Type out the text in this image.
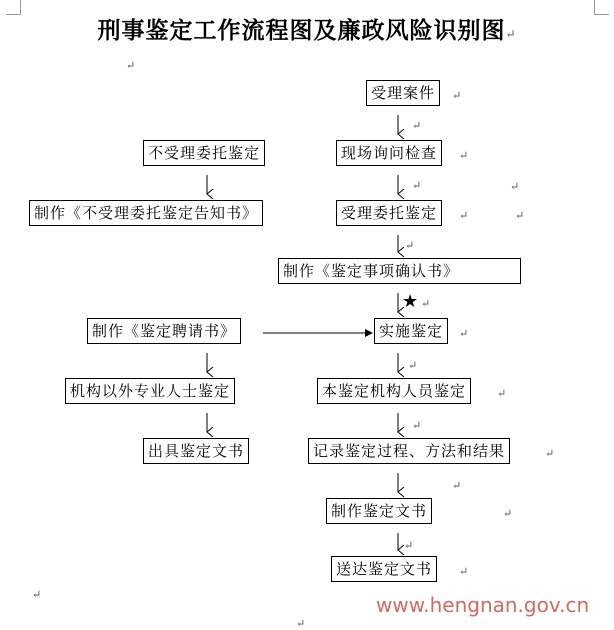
刑事鉴定工作流程图及廉政风险识别图↵
受理案件
现场询问检查
受理委托鉴定
制作《鉴定事项确认书》
★
实施鉴定
本鉴定机构人员鉴定
记录鉴定过程、方法和结果
制作鉴定文书
送达鉴定文书
不受理委托鉴定
制作《不受理委托鉴定告知书》
制作《鉴定聘请书》
机构以外专业人士鉴定
出具鉴定文书
↵
↵
↵
↵
↵	↵
↵	↵
↵
↵
↵
↵
↵
↵
↵
↵
↵
↵
↵
↵
↵
www.hengnan.gov.cn
